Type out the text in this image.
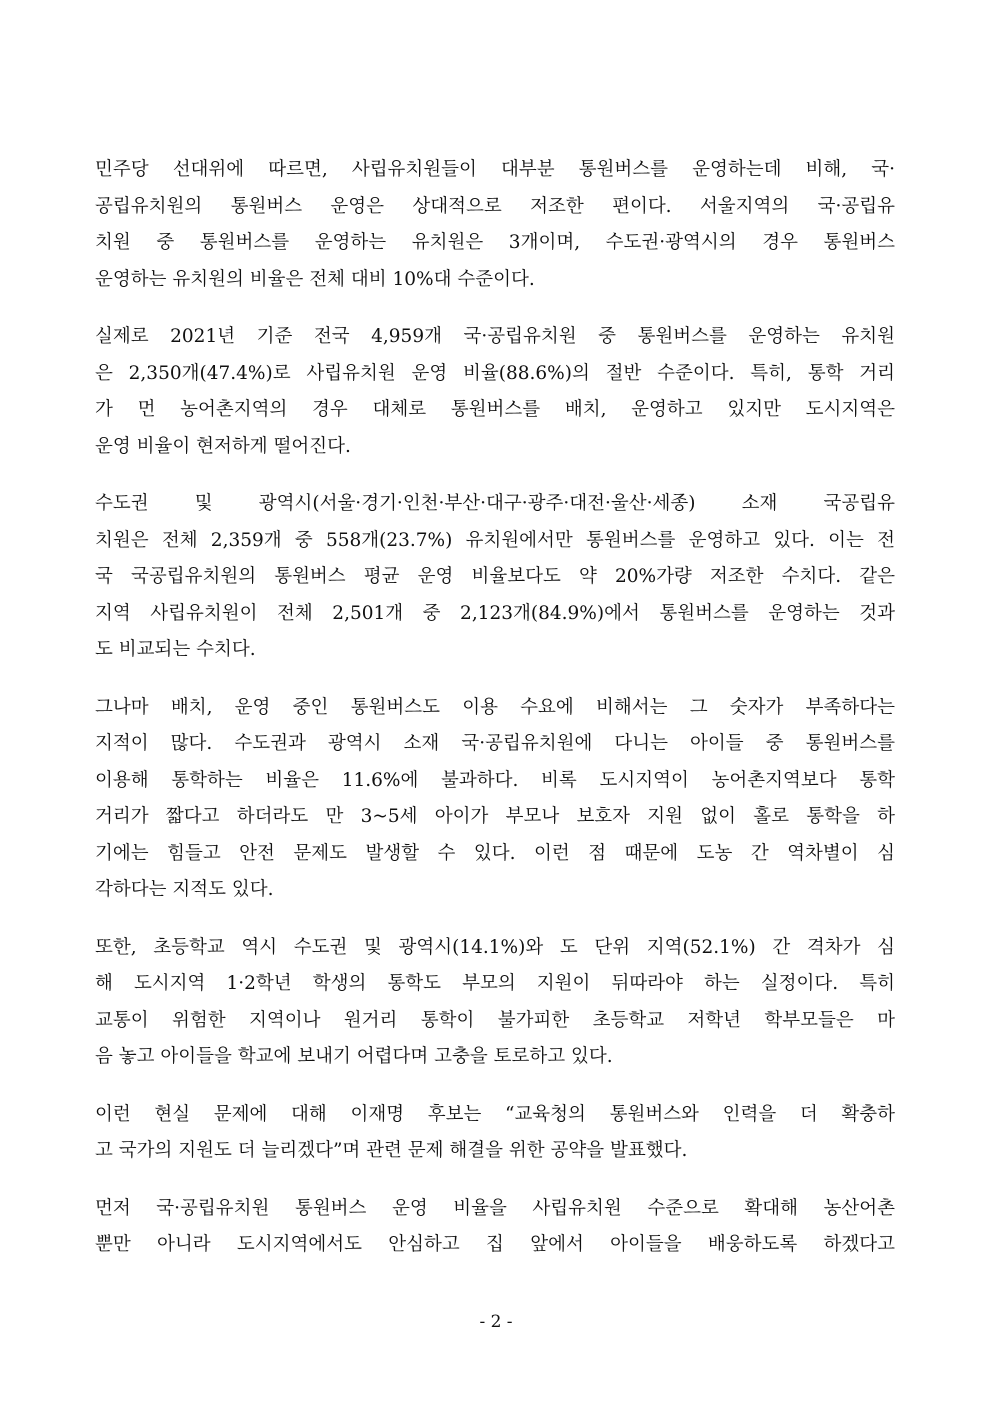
민주당 선대위에 따르면, 사립유치원들이 대부분 통원버스를 운영하는데 비해, 국·
공립유치원의 통원버스 운영은 상대적으로 저조한 편이다. 서울지역의 국·공립유
치원 중 통원버스를 운영하는 유치원은 3개이며, 수도권·광역시의 경우 통원버스
운영하는 유치원의 비율은 전체 대비 10%대 수준이다.
실제로 2021년 기준 전국 4,959개 국·공립유치원 중 통원버스를 운영하는 유치원
은 2,350개(47.4%)로 사립유치원 운영 비율(88.6%)의 절반 수준이다. 특히, 통학 거리
가 먼 농어촌지역의 경우 대체로 통원버스를 배치, 운영하고 있지만 도시지역은
운영 비율이 현저하게 떨어진다.
수도권 및 광역시(서울·경기·인천·부산·대구·광주·대전·울산·세종) 소재 국공립유
치원은 전체 2,359개 중 558개(23.7%) 유치원에서만 통원버스를 운영하고 있다. 이는 전
국 국공립유치원의 통원버스 평균 운영 비율보다도 약 20%가량 저조한 수치다. 같은
지역 사립유치원이 전체 2,501개 중 2,123개(84.9%)에서 통원버스를 운영하는 것과
도 비교되는 수치다.
그나마 배치, 운영 중인 통원버스도 이용 수요에 비해서는 그 숫자가 부족하다는
지적이 많다. 수도권과 광역시 소재 국·공립유치원에 다니는 아이들 중 통원버스를
이용해 통학하는 비율은 11.6%에 불과하다. 비록 도시지역이 농어촌지역보다 통학
거리가 짧다고 하더라도 만 3~5세 아이가 부모나 보호자 지원 없이 홀로 통학을 하
기에는 힘들고 안전 문제도 발생할 수 있다. 이런 점 때문에 도농 간 역차별이 심
각하다는 지적도 있다.
또한, 초등학교 역시 수도권 및 광역시(14.1%)와 도 단위 지역(52.1%) 간 격차가 심
해 도시지역 1·2학년 학생의 통학도 부모의 지원이 뒤따라야 하는 실정이다. 특히
교통이 위험한 지역이나 원거리 통학이 불가피한 초등학교 저학년 학부모들은 마
음 놓고 아이들을 학교에 보내기 어렵다며 고충을 토로하고 있다.
이런 현실 문제에 대해 이재명 후보는 “교육청의 통원버스와 인력을 더 확충하
고 국가의 지원도 더 늘리겠다”며 관련 문제 해결을 위한 공약을 발표했다.
먼저 국·공립유치원 통원버스 운영 비율을 사립유치원 수준으로 확대해 농산어촌
뿐만 아니라 도시지역에서도 안심하고 집 앞에서 아이들을 배웅하도록 하겠다고
- 2 -
